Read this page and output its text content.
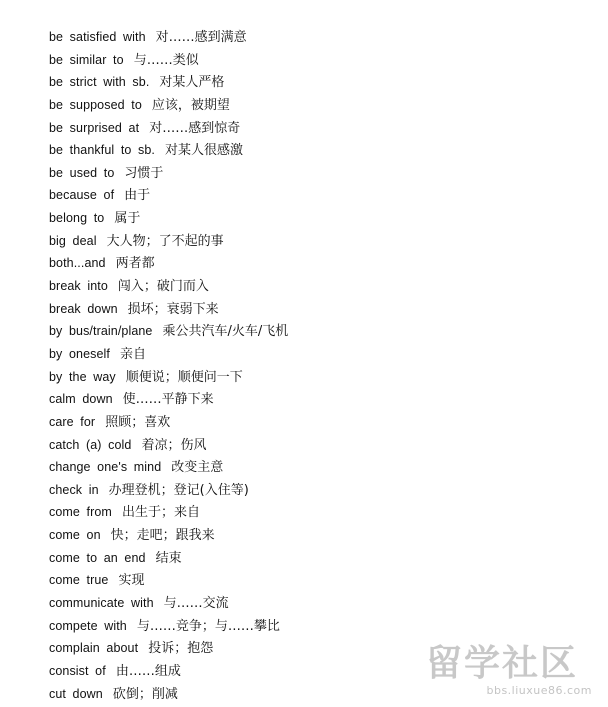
be satisfied with 对……感到满意
be similar to 与……类似
be strict with sb. 对某人严格
be supposed to 应该，被期望
be surprised at 对……感到惊奇
be thankful to sb. 对某人很感激
be used to 习惯于
because of 由于
belong to 属于
big deal 大人物；了不起的事
both...and 两者都
break into 闯入；破门而入
break down 损坏；衰弱下来
by bus/train/plane 乘公共汽车/火车/飞机
by oneself 亲自
by the way 顺便说；顺便问一下
calm down 使……平静下来
care for 照顾；喜欢
catch (a) cold 着凉；伤风
change one's mind 改变主意
check in 办理登机；登记(入住等)
come from 出生于；来自
come on 快；走吧；跟我来
come to an end 结束
come true 实现
communicate with 与……交流
compete with 与……竞争；与……攀比
complain about 投诉；抱怨
consist of 由……组成
cut down 砍倒；削减
留学社区
bbs.liuxue86.com
